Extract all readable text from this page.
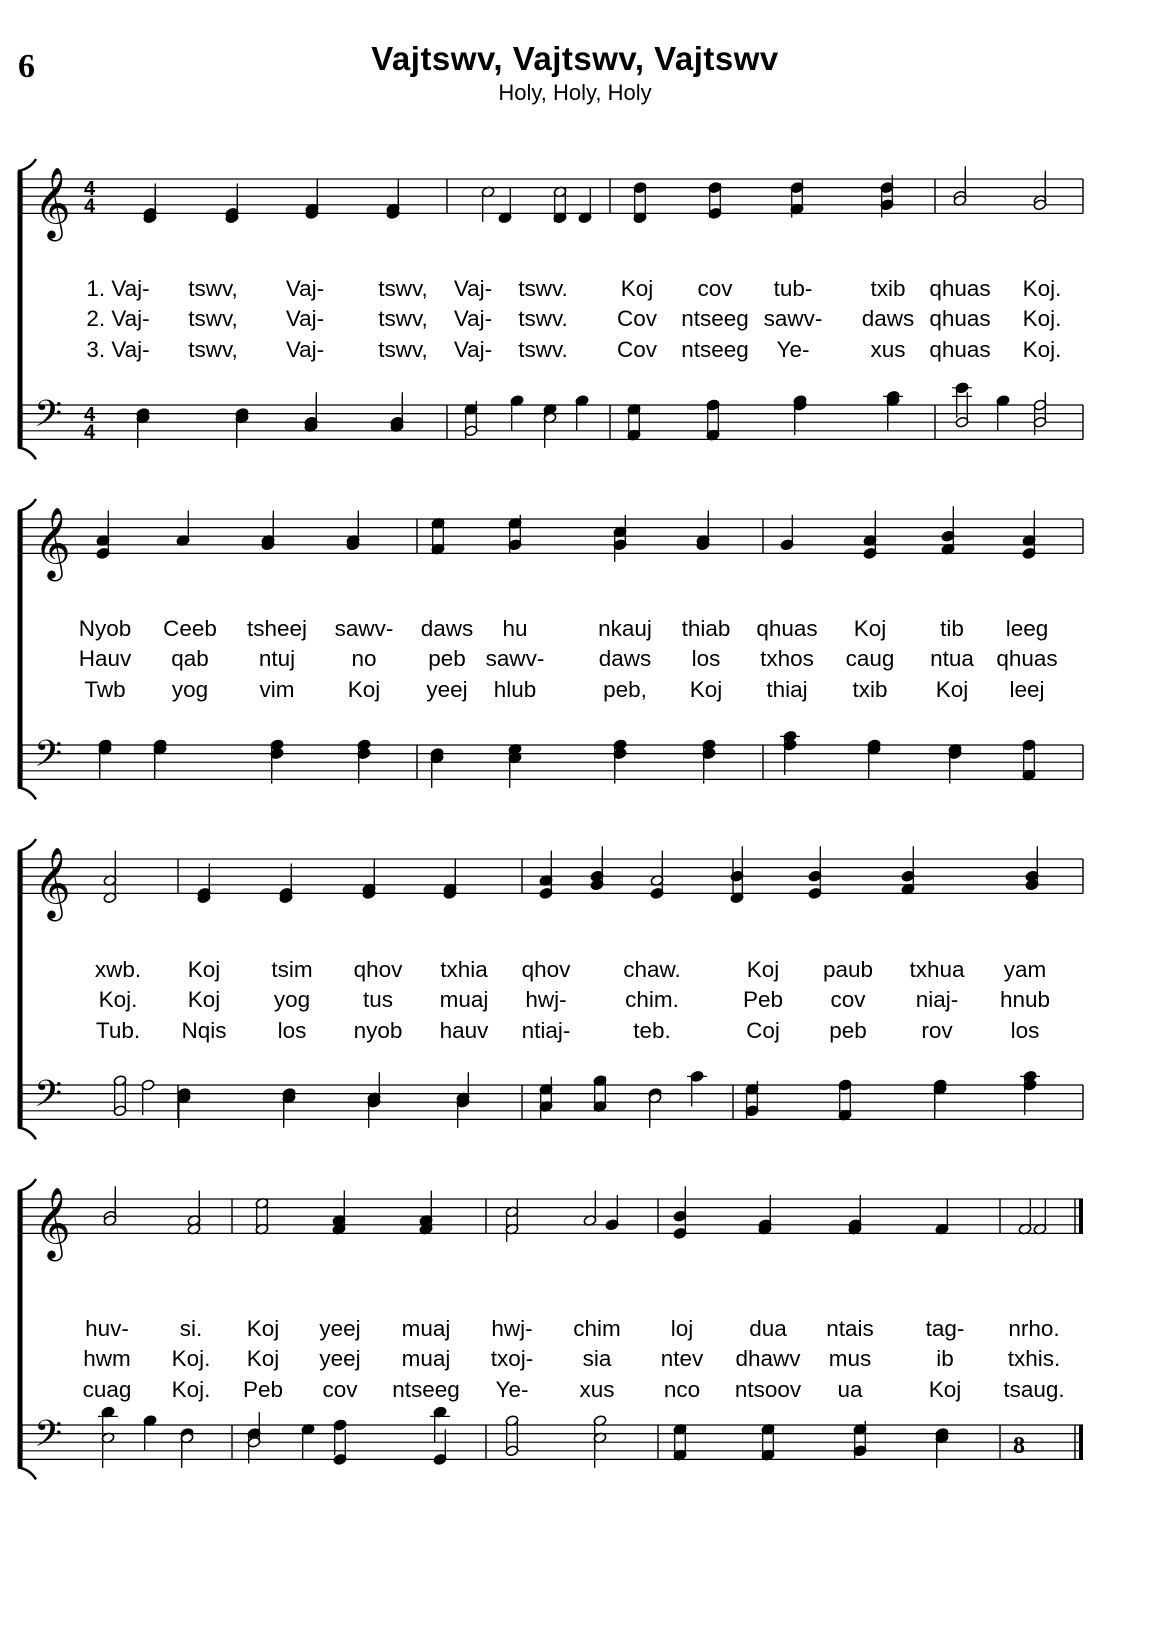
6	Vajtswv, Vajtswv, Vajtswv
Holy, Holy, Holy
𝄞 4
4
𝄢 4
4
1. Vaj- tswv, Vaj- tswv, Vaj- tswv. Koj cov tub-	txib qhuas Koj.
2. Vaj- tswv, Vaj- tswv, Vaj- tswv. Cov ntseeg sawv- daws qhuas Koj.
3. Vaj- tswv, Vaj- tswv, Vaj- tswv. Cov ntseeg Ye-	xus qhuas Koj.
𝄞
𝄢
Nyob Ceeb tsheej sawv- daws hu	nkauj thiab qhuas Koj tib leeg
Hauv qab ntuj	no peb sawv- daws los txhos caug ntua qhuas
Twb yog vim Koj yeej hlub	peb, Koj thiaj txib Koj leej
𝄞
𝄢
xwb. Koj tsim qhov txhia qhov chaw.	Koj paub txhua yam
Koj. Koj yog tus muaj hwj-	chim.	Peb cov niaj- hnub
Tub. Nqis los nyob hauv ntiaj-	teb.	Coj peb rov	los
𝄞
𝄢	8
huv- si. Koj yeej muaj hwj- chim loj dua ntais tag- nrho.
hwm Koj. Koj yeej muaj txoj- sia ntev dhawv mus	ib txhis.
cuag Koj. Peb cov ntseeg Ye- xus nco ntsoov ua	Koj tsaug.
